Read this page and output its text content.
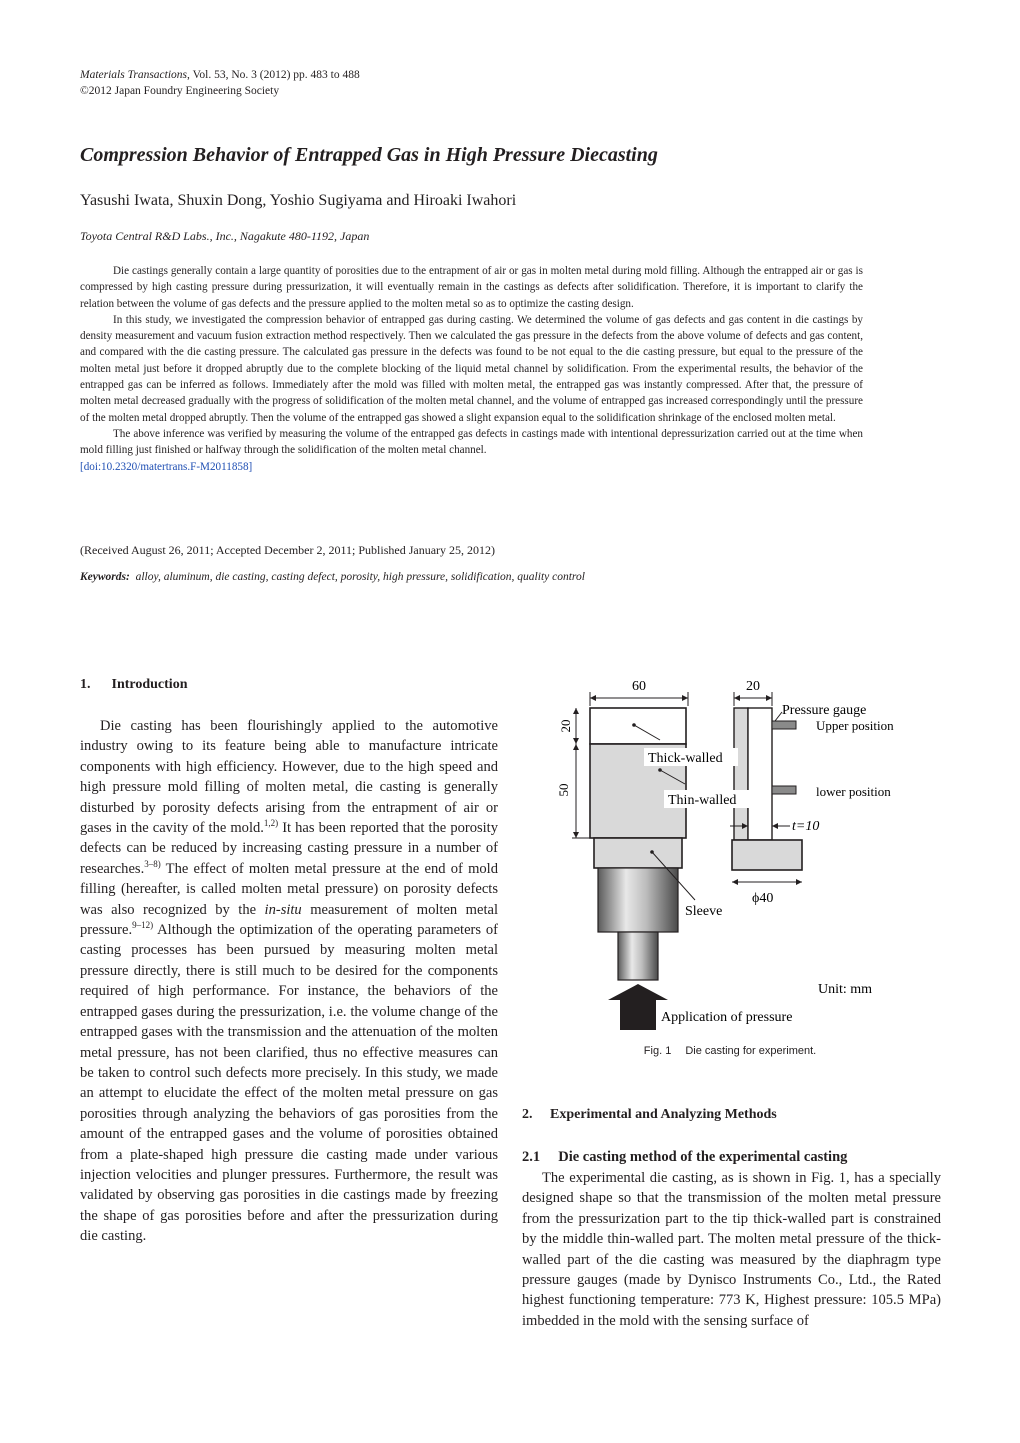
Materials Transactions, Vol. 53, No. 3 (2012) pp. 483 to 488
©2012 Japan Foundry Engineering Society
Compression Behavior of Entrapped Gas in High Pressure Diecasting
Yasushi Iwata, Shuxin Dong, Yoshio Sugiyama and Hiroaki Iwahori
Toyota Central R&D Labs., Inc., Nagakute 480-1192, Japan

Die castings generally contain a large quantity of porosities due to the entrapment of air or gas in molten metal during mold filling. Although the entrapped air or gas is compressed by high casting pressure during pressurization, it will eventually remain in the castings as defects after solidification. Therefore, it is important to clarify the relation between the volume of gas defects and the pressure applied to the molten metal so as to optimize the casting design.

In this study, we investigated the compression behavior of entrapped gas during casting. We determined the volume of gas defects and gas content in die castings by density measurement and vacuum fusion extraction method respectively. Then we calculated the gas pressure in the defects from the above volume of defects and gas content, and compared with the die casting pressure. The calculated gas pressure in the defects was found to be not equal to the die casting pressure, but equal to the pressure of the molten metal just before it dropped abruptly due to the complete blocking of the liquid metal channel by solidification. From the experimental results, the behavior of the entrapped gas can be inferred as follows. Immediately after the mold was filled with molten metal, the entrapped gas was instantly compressed. After that, the pressure of molten metal decreased gradually with the progress of solidification of the molten metal channel, and the volume of entrapped gas increased correspondingly until the pressure of the molten metal dropped abruptly. Then the volume of the entrapped gas showed a slight expansion equal to the solidification shrinkage of the enclosed molten metal.

The above inference was verified by measuring the volume of the entrapped gas defects in castings made with intentional depressurization carried out at the time when mold filling just finished or halfway through the solidification of the molten metal channel.

[doi:10.2320/matertrans.F-M2011858]
(Received August 26, 2011; Accepted December 2, 2011; Published January 25, 2012)
Keywords: alloy, aluminum, die casting, casting defect, porosity, high pressure, solidification, quality control
1.  Introduction

Die casting has been flourishingly applied to the automotive industry owing to its feature being able to manufacture intricate components with high efficiency. However, due to the high speed and high pressure mold filling of molten metal, die casting is generally disturbed by porosity defects arising from the entrapment of air or gases in the cavity of the mold.$^{1,2)}$ It has been reported that the porosity defects can be reduced by increasing casting pressure in a number of researches.$^{3-8)}$ The effect of molten metal pressure at the end of mold filling (hereafter, is called molten metal pressure) on porosity defects was also recognized by the in-situ measurement of molten metal pressure.$^{9-12)}$ Although the optimization of the operating parameters of casting processes has been pursued by measuring molten metal pressure directly, there is still much to be desired for the components required of high performance. For instance, the behaviors of the entrapped gases during the pressurization, i.e. the volume change of the entrapped gases with the transmission and the attenuation of the molten metal pressure, has not been clarified, thus no effective measures can be taken to control such defects more precisely. In this study, we made an attempt to elucidate the effect of the molten metal pressure on gas porosities through analyzing the behaviors of gas porosities from the amount of the entrapped gases and the volume of porosities obtained from a plate-shaped high pressure die casting made under various injection velocities and plunger pressures. Furthermore, the result was validated by observing gas porosities in die castings made by freezing the shape of gas porosities before and after the pressurization during die casting.

60	20
20
50
Pressure gauge
Upper position
lower position
Thick-walled
Thin-walled
t=10
ϕ40
Sleeve
Unit: mm
Application of pressure
Fig. 1  Die casting for experiment.
2.  Experimental and Analyzing Methods
2.1  Die casting method of the experimental casting

The experimental die casting, as is shown in Fig. 1, has a specially designed shape so that the transmission of the molten metal pressure from the pressurization part to the tip thick-walled part is constrained by the middle thin-walled part. The molten metal pressure of the thick-walled part of the die casting was measured by the diaphragm type pressure gauges (made by Dynisco Instruments Co., Ltd., the Rated highest functioning temperature: 773 K, Highest pressure: 105.5 MPa) imbedded in the mold with the sensing surface of
